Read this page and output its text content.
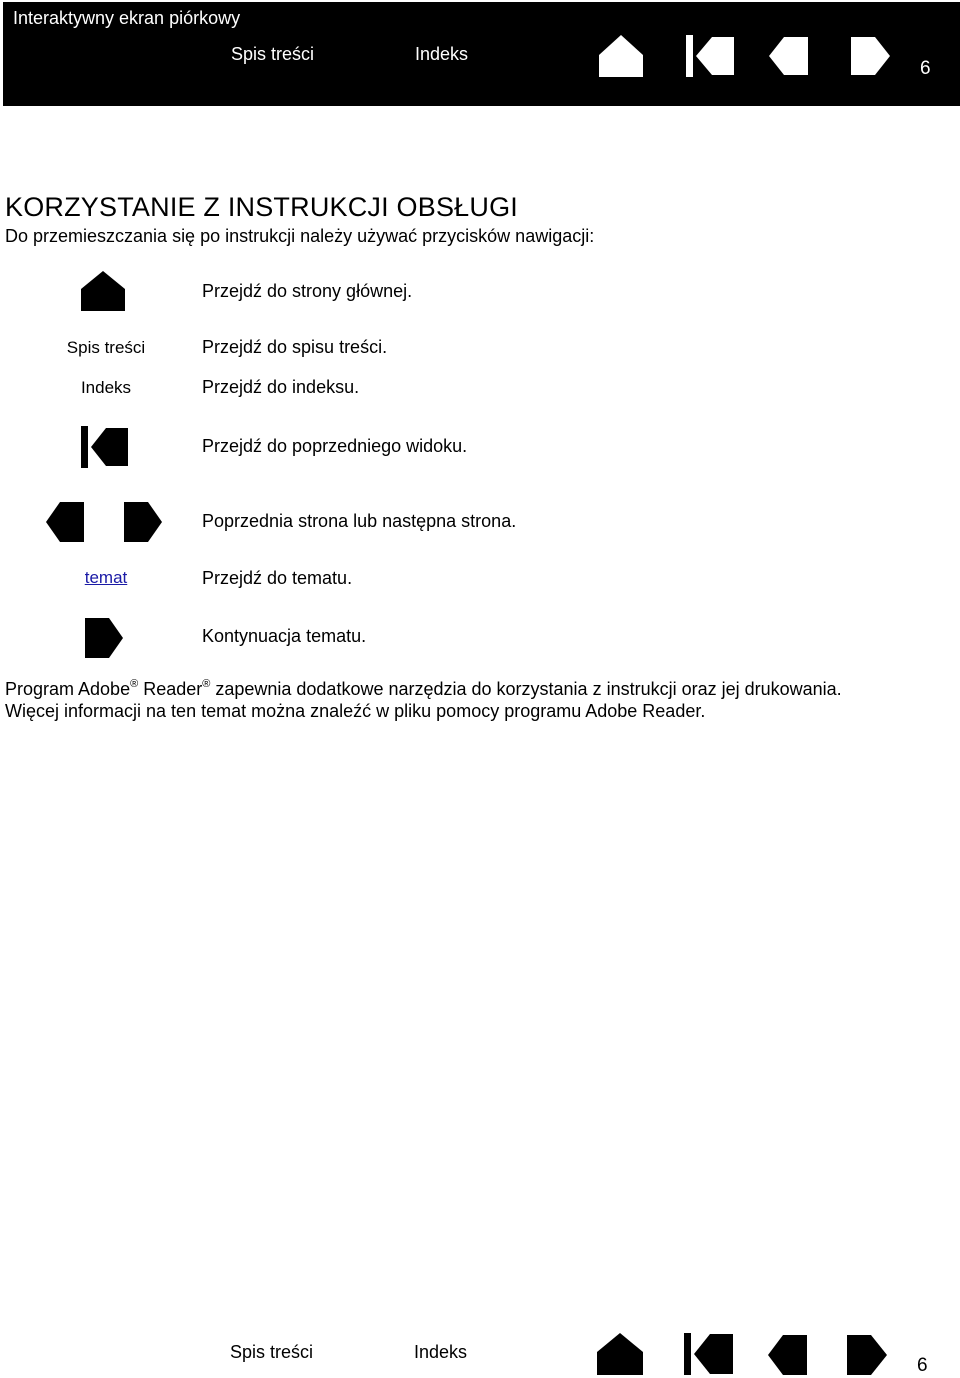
Interaktywny ekran piórkowy
Spis treści	Indeks
6
KORZYSTANIE Z INSTRUKCJI OBSŁUGI
Do przemieszczania się po instrukcji należy używać przycisków nawigacji:
Przejdź do strony głównej.
Spis treści	Przejdź do spisu treści.
Indeks	Przejdź do indeksu.
Przejdź do poprzedniego widoku.
Poprzednia strona lub następna strona.
temat	Przejdź do tematu.
Kontynuacja tematu.
Program Adobe® Reader® zapewnia dodatkowe narzędzia do korzystania z instrukcji oraz jej drukowania.
Więcej informacji na ten temat można znaleźć w pliku pomocy programu Adobe Reader.
Spis treści	Indeks
6
